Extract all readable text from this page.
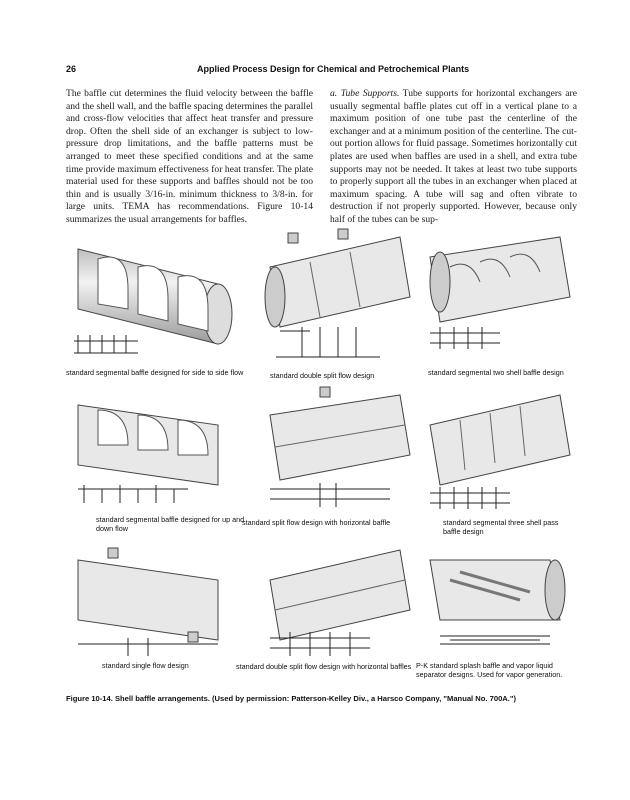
26	Applied Process Design for Chemical and Petrochemical Plants
The baffle cut determines the fluid velocity between the baffle and the shell wall, and the baffle spacing determines the parallel and cross-flow velocities that affect heat transfer and pressure drop. Often the shell side of an exchanger is subject to low-pressure drop limitations, and the baffle patterns must be arranged to meet these specified conditions and at the same time provide maximum effectiveness for heat transfer. The plate material used for these supports and baffles should not be too thin and is usually 3/16-in. minimum thickness to 3/8-in. for large units. TEMA has recommendations. Figure 10-14 summarizes the usual arrangements for baffles.
a. Tube Supports. Tube supports for horizontal exchangers are usually segmental baffle plates cut off in a vertical plane to a maximum position of one tube past the centerline of the exchanger and at a minimum position of the centerline. The cut-out portion allows for fluid passage. Sometimes horizontally cut plates are used when baffles are used in a shell, and extra tube supports may not be needed. It takes at least two tube supports to properly support all the tubes in an exchanger when placed at maximum spacing. A tube will sag and often vibrate to destruction if not properly supported. However, because only half of the tubes can be sup-
standard segmental baffle designed for side to side flow	standard double split flow design	standard segmental two shell baffle design
standard segmental baffle designed for up and down flow
standard split flow design with horizontal baffle	standard segmental three shell pass baffle design
standard single flow design	standard double split flow design with horizontal baffles P-K standard splash baffle and vapor liquid separator designs. Used for vapor generation.
Figure 10-14. Shell baffle arrangements. (Used by permission: Patterson-Kelley Div., a Harsco Company, "Manual No. 700A.")
